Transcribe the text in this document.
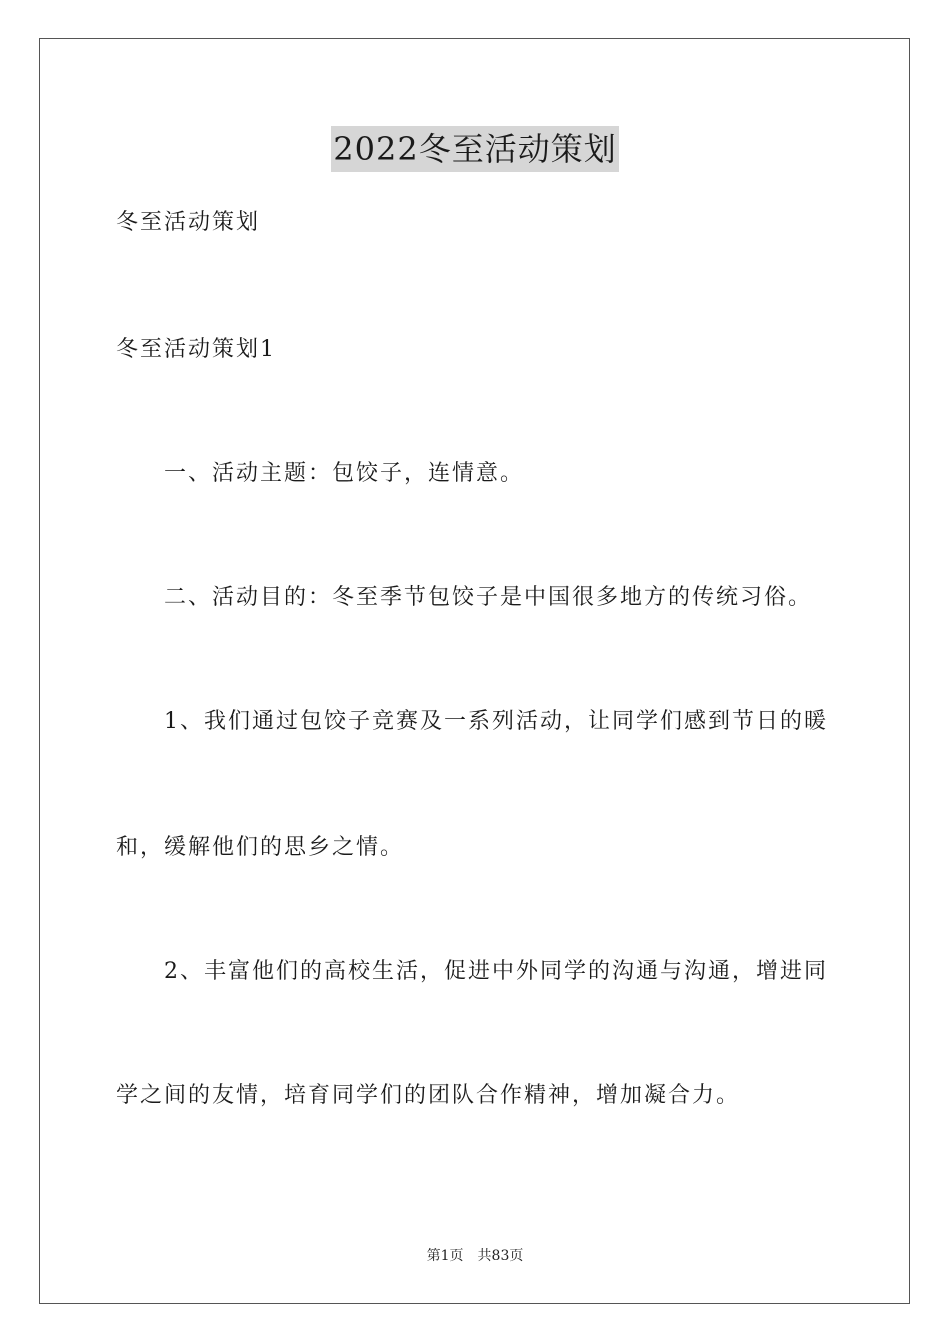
2022冬至活动策划
冬至活动策划
冬至活动策划1
一、活动主题：包饺子，连情意。
二、活动目的：冬至季节包饺子是中国很多地方的传统习俗。
1、我们通过包饺子竞赛及一系列活动，让同学们感到节日的暖
和，缓解他们的思乡之情。
2、丰富他们的高校生活，促进中外同学的沟通与沟通，增进同
学之间的友情，培育同学们的团队合作精神，增加凝合力。
第1页 共83页
